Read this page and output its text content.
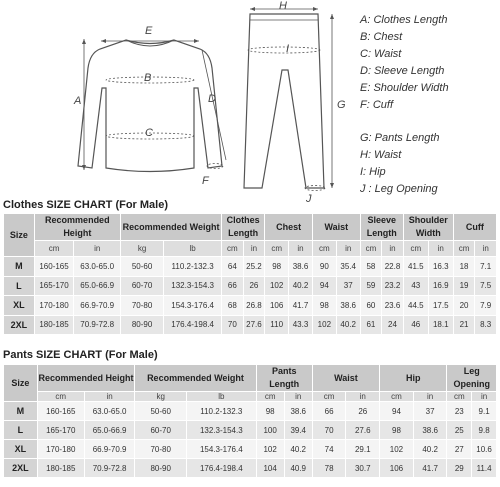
E
B
C
A	D
F
H
I
G
J
A: Clothes Length
B: Chest
C: Waist
D: Sleeve Length
E: Shoulder Width
F: Cuff
G: Pants Length
H: Waist
I: Hip
J : Leg Opening
Clothes SIZE CHART (For Male)
Size	Recommended Height		Recommended Weight		Clothes Length		Chest		Waist		Sleeve Length		Shoulder Width		Cuff	
	cm	in	kg	lb	cm	in	cm	in	cm	in	cm	in	cm	in	cm	in
M	160-165	63.0-65.0	50-60	110.2-132.3	64	25.2	98	38.6	90	35.4	58	22.8	41.5	16.3	18	7.1
L	165-170	65.0-66.9	60-70	132.3-154.3	66	26	102	40.2	94	37	59	23.2	43	16.9	19	7.5
XL	170-180	66.9-70.9	70-80	154.3-176.4	68	26.8	106	41.7	98	38.6	60	23.6	44.5	17.5	20	7.9
2XL	180-185	70.9-72.8	80-90	176.4-198.4	70	27.6	110	43.3	102	40.2	61	24	46	18.1	21	8.3
Pants SIZE CHART (For Male)
Size	Recommended Height		Recommended Weight		Pants Length		Waist		Hip		Leg Opening	
	cm	in	kg	lb	cm	in	cm	in	cm	in	cm	in
M	160-165	63.0-65.0	50-60	110.2-132.3	98	38.6	66	26	94	37	23	9.1
L	165-170	65.0-66.9	60-70	132.3-154.3	100	39.4	70	27.6	98	38.6	25	9.8
XL	170-180	66.9-70.9	70-80	154.3-176.4	102	40.2	74	29.1	102	40.2	27	10.6
2XL	180-185	70.9-72.8	80-90	176.4-198.4	104	40.9	78	30.7	106	41.7	29	11.4
